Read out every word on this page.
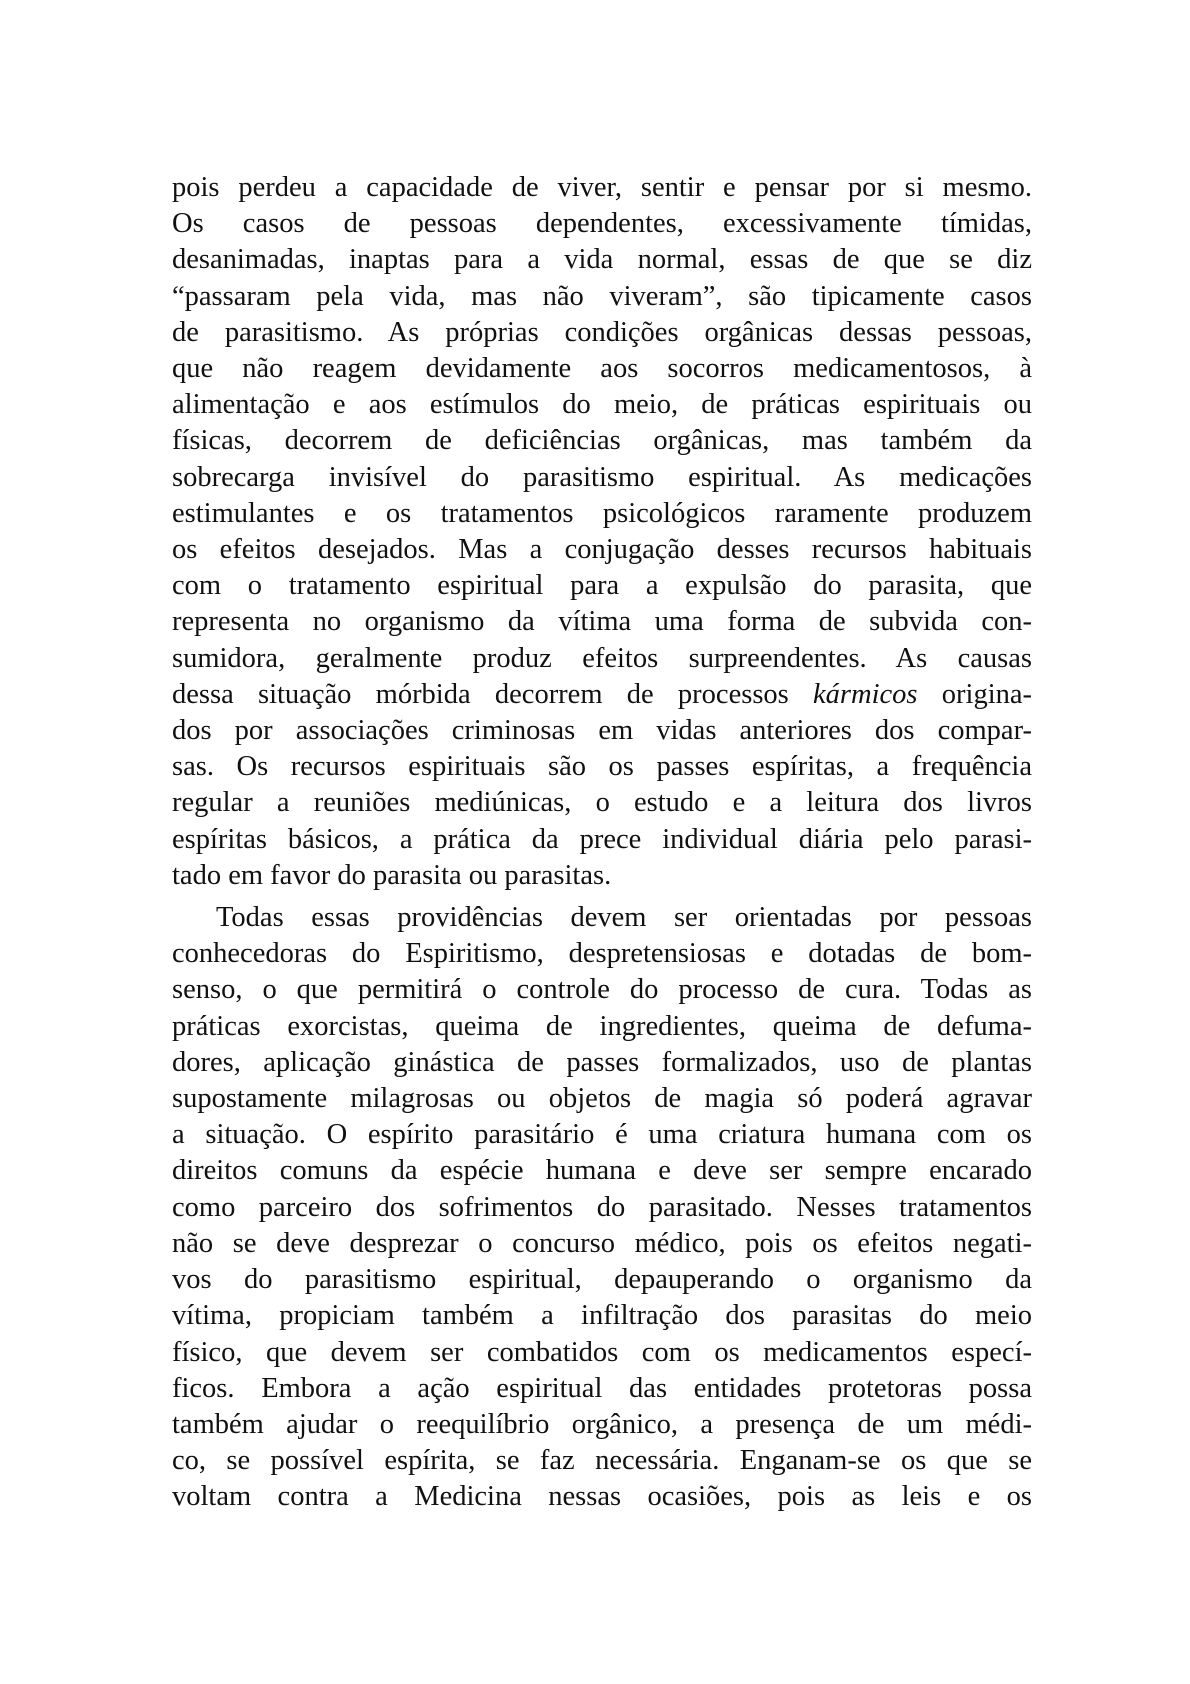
pois perdeu a capacidade de viver, sentir e pensar por si mesmo.
Os casos de pessoas dependentes, excessivamente tímidas,
desanimadas, inaptas para a vida normal, essas de que se diz
“passaram pela vida, mas não viveram”, são tipicamente casos
de parasitismo. As próprias condições orgânicas dessas pessoas,
que não reagem devidamente aos socorros medicamentosos, à
alimentação e aos estímulos do meio, de práticas espirituais ou
físicas, decorrem de deficiências orgânicas, mas também da
sobrecarga invisível do parasitismo espiritual. As medicações
estimulantes e os tratamentos psicológicos raramente produzem
os efeitos desejados. Mas a conjugação desses recursos habituais
com o tratamento espiritual para a expulsão do parasita, que
representa no organismo da vítima uma forma de subvida con-
sumidora, geralmente produz efeitos surpreendentes. As causas
dessa situação mórbida decorrem de processos kármicos origina-
dos por associações criminosas em vidas anteriores dos compar-
sas. Os recursos espirituais são os passes espíritas, a frequência
regular a reuniões mediúnicas, o estudo e a leitura dos livros
espíritas básicos, a prática da prece individual diária pelo parasi-
tado em favor do parasita ou parasitas.
Todas essas providências devem ser orientadas por pessoas
conhecedoras do Espiritismo, despretensiosas e dotadas de bom-
senso, o que permitirá o controle do processo de cura. Todas as
práticas exorcistas, queima de ingredientes, queima de defuma-
dores, aplicação ginástica de passes formalizados, uso de plantas
supostamente milagrosas ou objetos de magia só poderá agravar
a situação. O espírito parasitário é uma criatura humana com os
direitos comuns da espécie humana e deve ser sempre encarado
como parceiro dos sofrimentos do parasitado. Nesses tratamentos
não se deve desprezar o concurso médico, pois os efeitos negati-
vos do parasitismo espiritual, depauperando o organismo da
vítima, propiciam também a infiltração dos parasitas do meio
físico, que devem ser combatidos com os medicamentos especí-
ficos. Embora a ação espiritual das entidades protetoras possa
também ajudar o reequilíbrio orgânico, a presença de um médi-
co, se possível espírita, se faz necessária. Enganam-se os que se
voltam contra a Medicina nessas ocasiões, pois as leis e os
